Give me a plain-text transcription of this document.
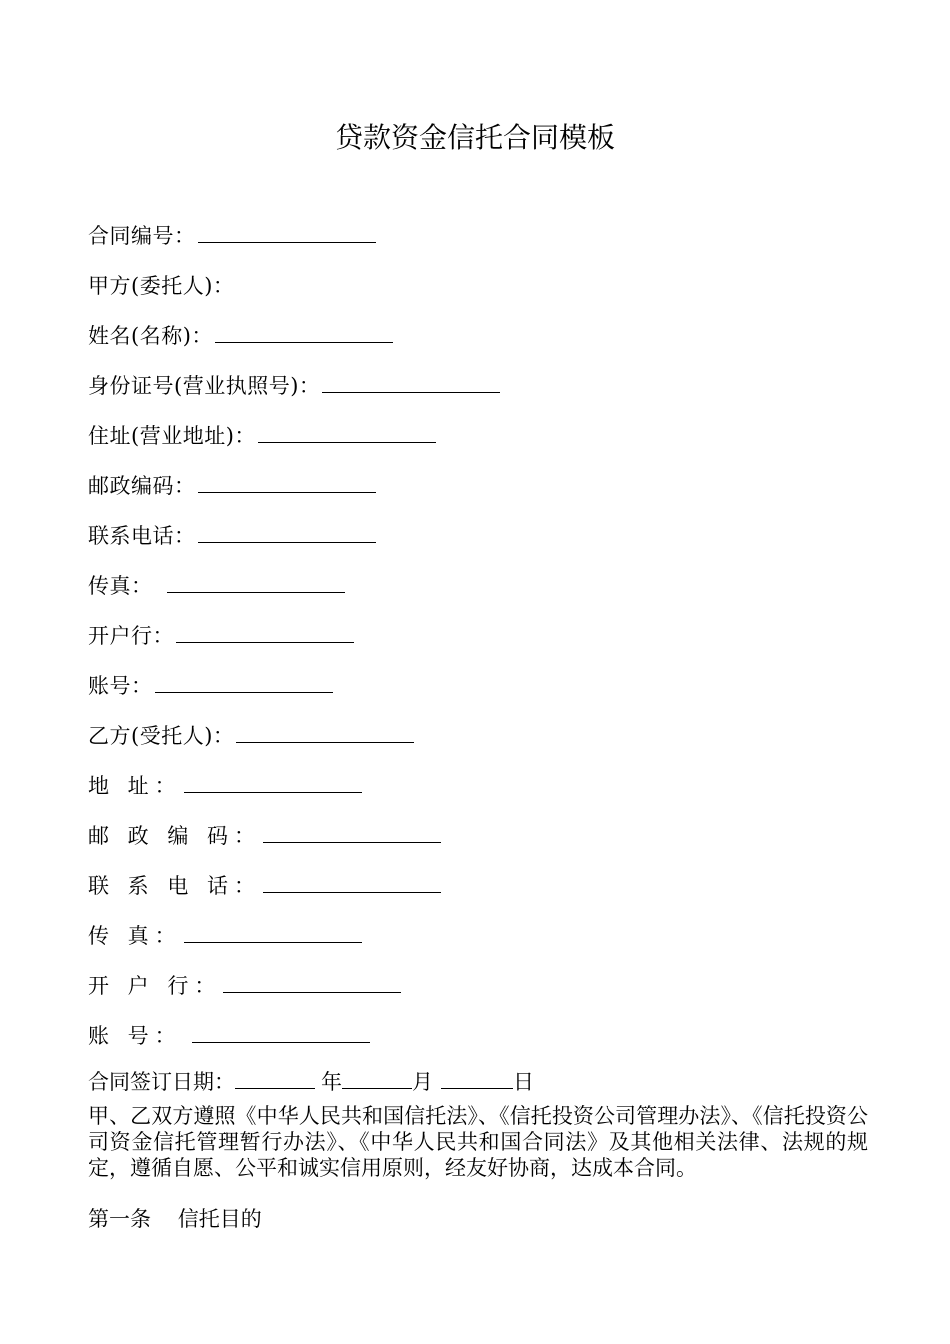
贷款资金信托合同模板
合同编号：
甲方(委托人)：
姓名(名称)：
身份证号(营业执照号)：
住址(营业地址)：
邮政编码：
联系电话：
传真：
开户行：
账号：
乙方(受托人)：
地 址：
邮 政 编 码：
联 系 电 话：
传 真：
开 户 行：
账 号：
合同签订日期：	年	月	日
甲、乙双方遵照《中华人民共和国信托法》、《信托投资公司管理办法》、《信托投资公司资金信托管理暂行办法》、《中华人民共和国合同法》及其他相关法律、法规的规定，遵循自愿、公平和诚实信用原则，经友好协商，达成本合同。
第一条    信托目的
